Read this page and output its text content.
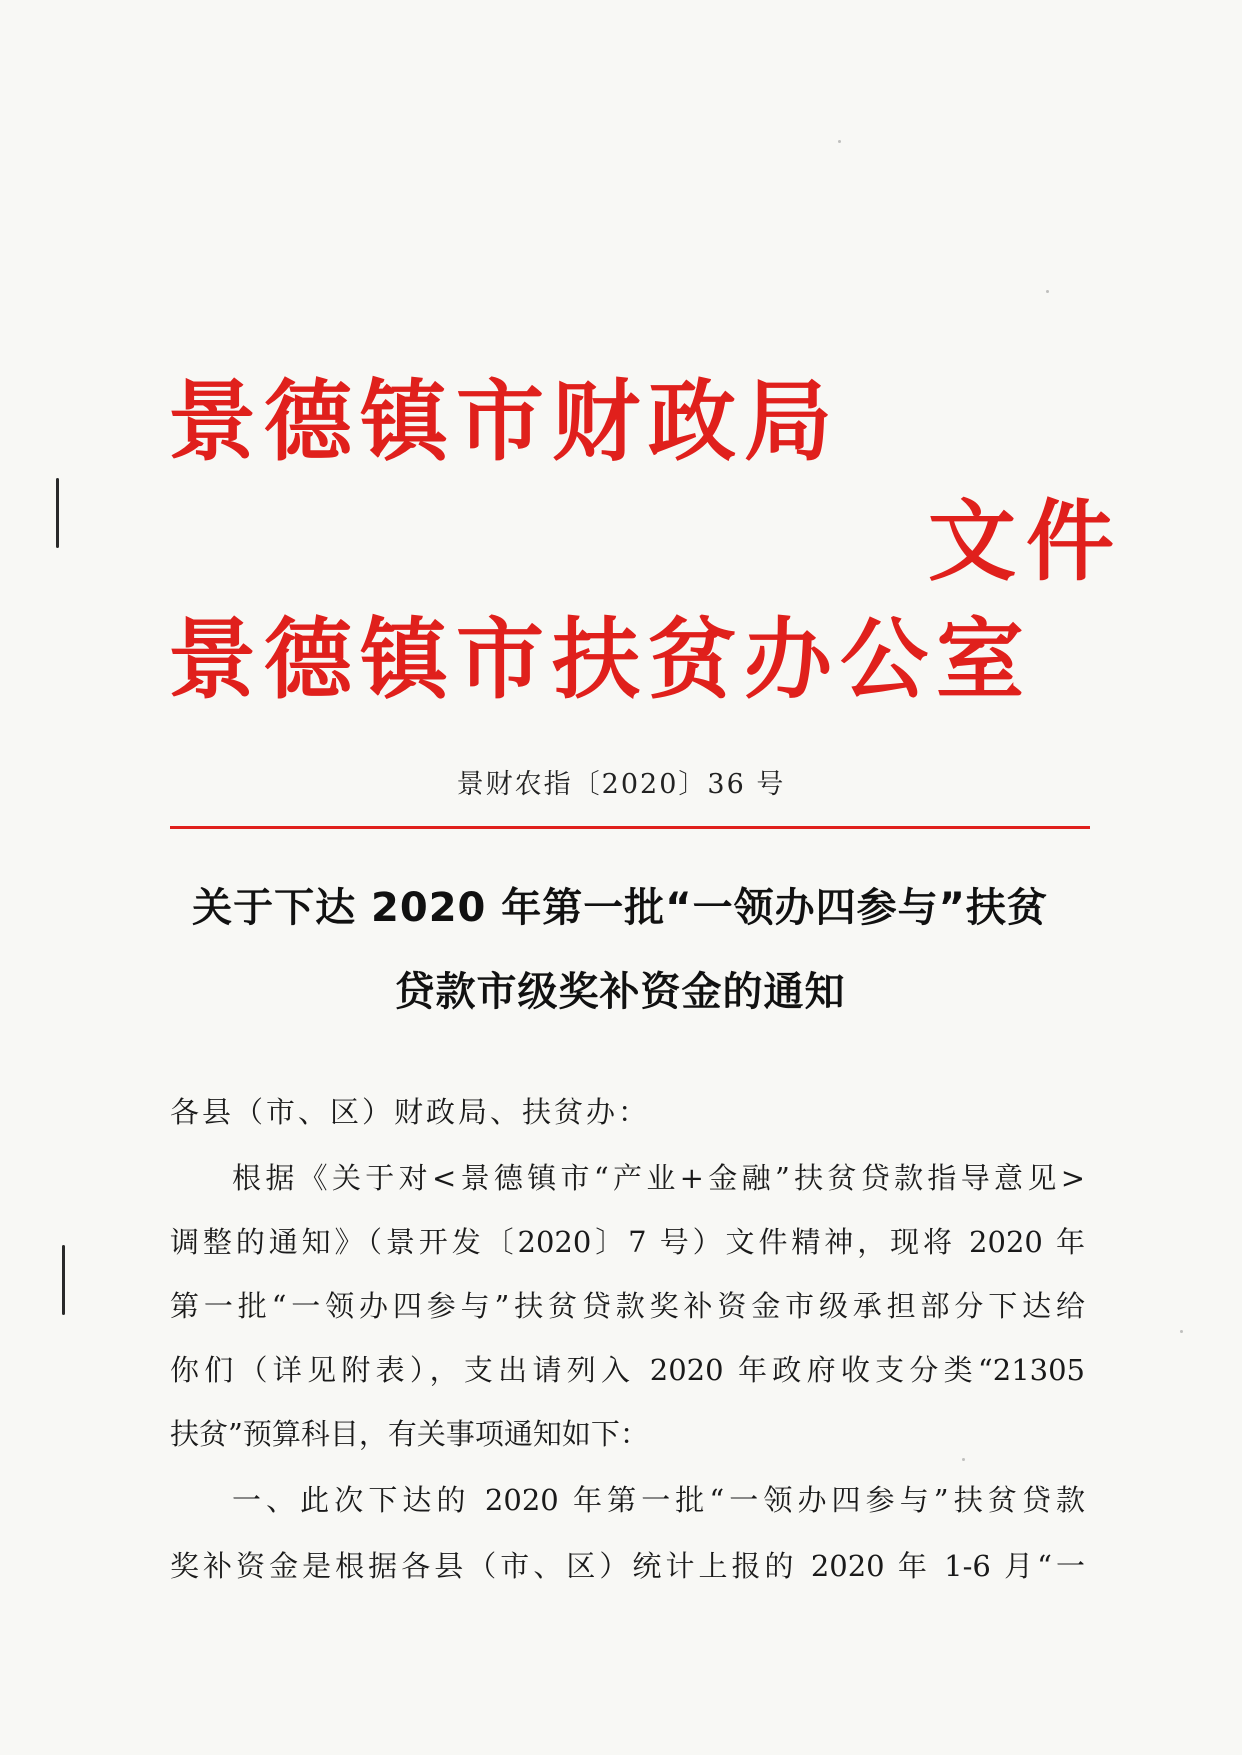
景德镇市财政局
文件
景德镇市扶贫办公室
景财农指〔2020〕36 号
关于下达 2020 年第一批“一领办四参与”扶贫
贷款市级奖补资金的通知
各县（市、区）财政局、扶贫办：
根据《关于对<景德镇市“产业+金融”扶贫贷款指导意见>
调整的通知》（景开发〔2020〕7 号）文件精神，现将 2020 年
第一批“一领办四参与”扶贫贷款奖补资金市级承担部分下达给
你们（详见附表），支出请列入 2020 年政府收支分类“21305
扶贫”预算科目，有关事项通知如下：
一、此次下达的 2020 年第一批“一领办四参与”扶贫贷款
奖补资金是根据各县（市、区）统计上报的 2020 年 1-6 月“一
